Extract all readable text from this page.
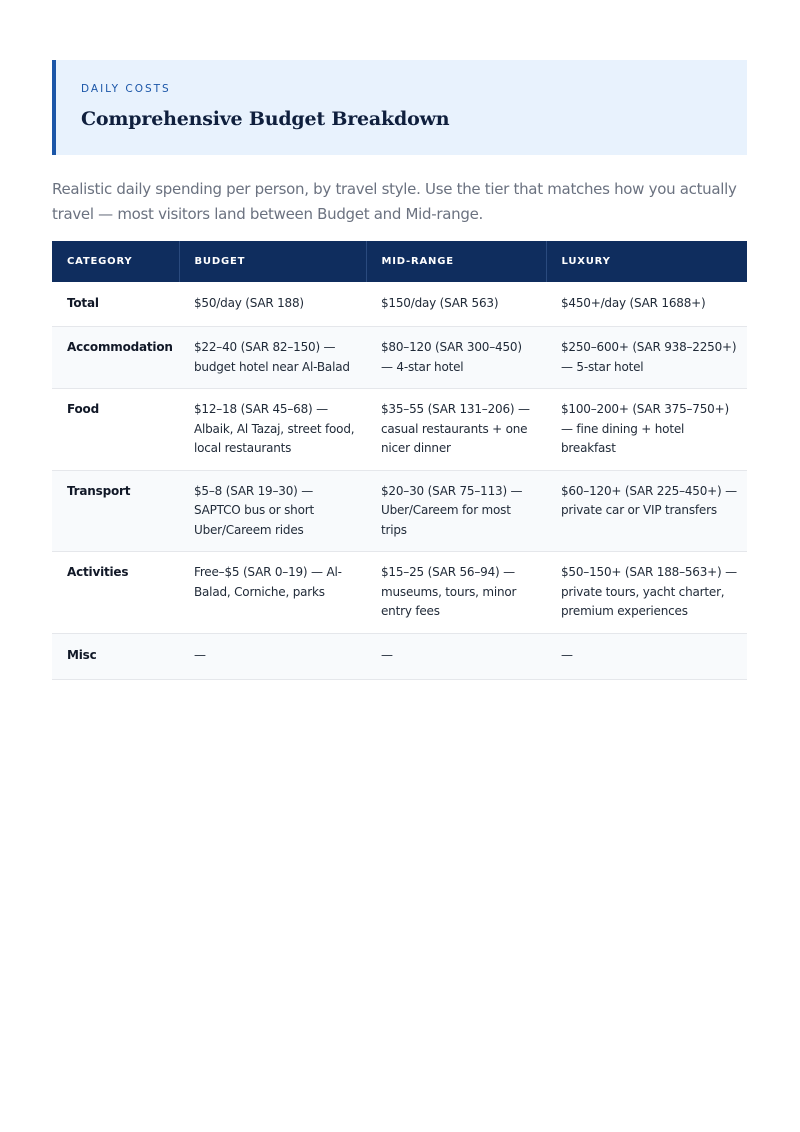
DAILY COSTS
Comprehensive Budget Breakdown
Realistic daily spending per person, by travel style. Use the tier that matches how you actually travel — most visitors land between Budget and Mid-range.
CATEGORY	BUDGET	MID-RANGE	LUXURY
Total	$50/day (SAR 188)	$150/day (SAR 563)	$450+/day (SAR 1688+)
Accommodation	$22–40 (SAR 82–150) — budget hotel near Al-Balad	$80–120 (SAR 300–450) — 4-star hotel	$250–600+ (SAR 938–2250+) — 5-star hotel
Food	$12–18 (SAR 45–68) — Albaik, Al Tazaj, street food, local restaurants	$35–55 (SAR 131–206) — casual restaurants + one nicer dinner	$100–200+ (SAR 375–750+) — fine dining + hotel breakfast
Transport	$5–8 (SAR 19–30) — SAPTCO bus or short Uber/Careem rides	$20–30 (SAR 75–113) — Uber/Careem for most trips	$60–120+ (SAR 225–450+) — private car or VIP transfers
Activities	Free–$5 (SAR 0–19) — Al-Balad, Corniche, parks	$15–25 (SAR 56–94) — museums, tours, minor entry fees	$50–150+ (SAR 188–563+) — private tours, yacht charter, premium experiences
Misc	—	—	—
